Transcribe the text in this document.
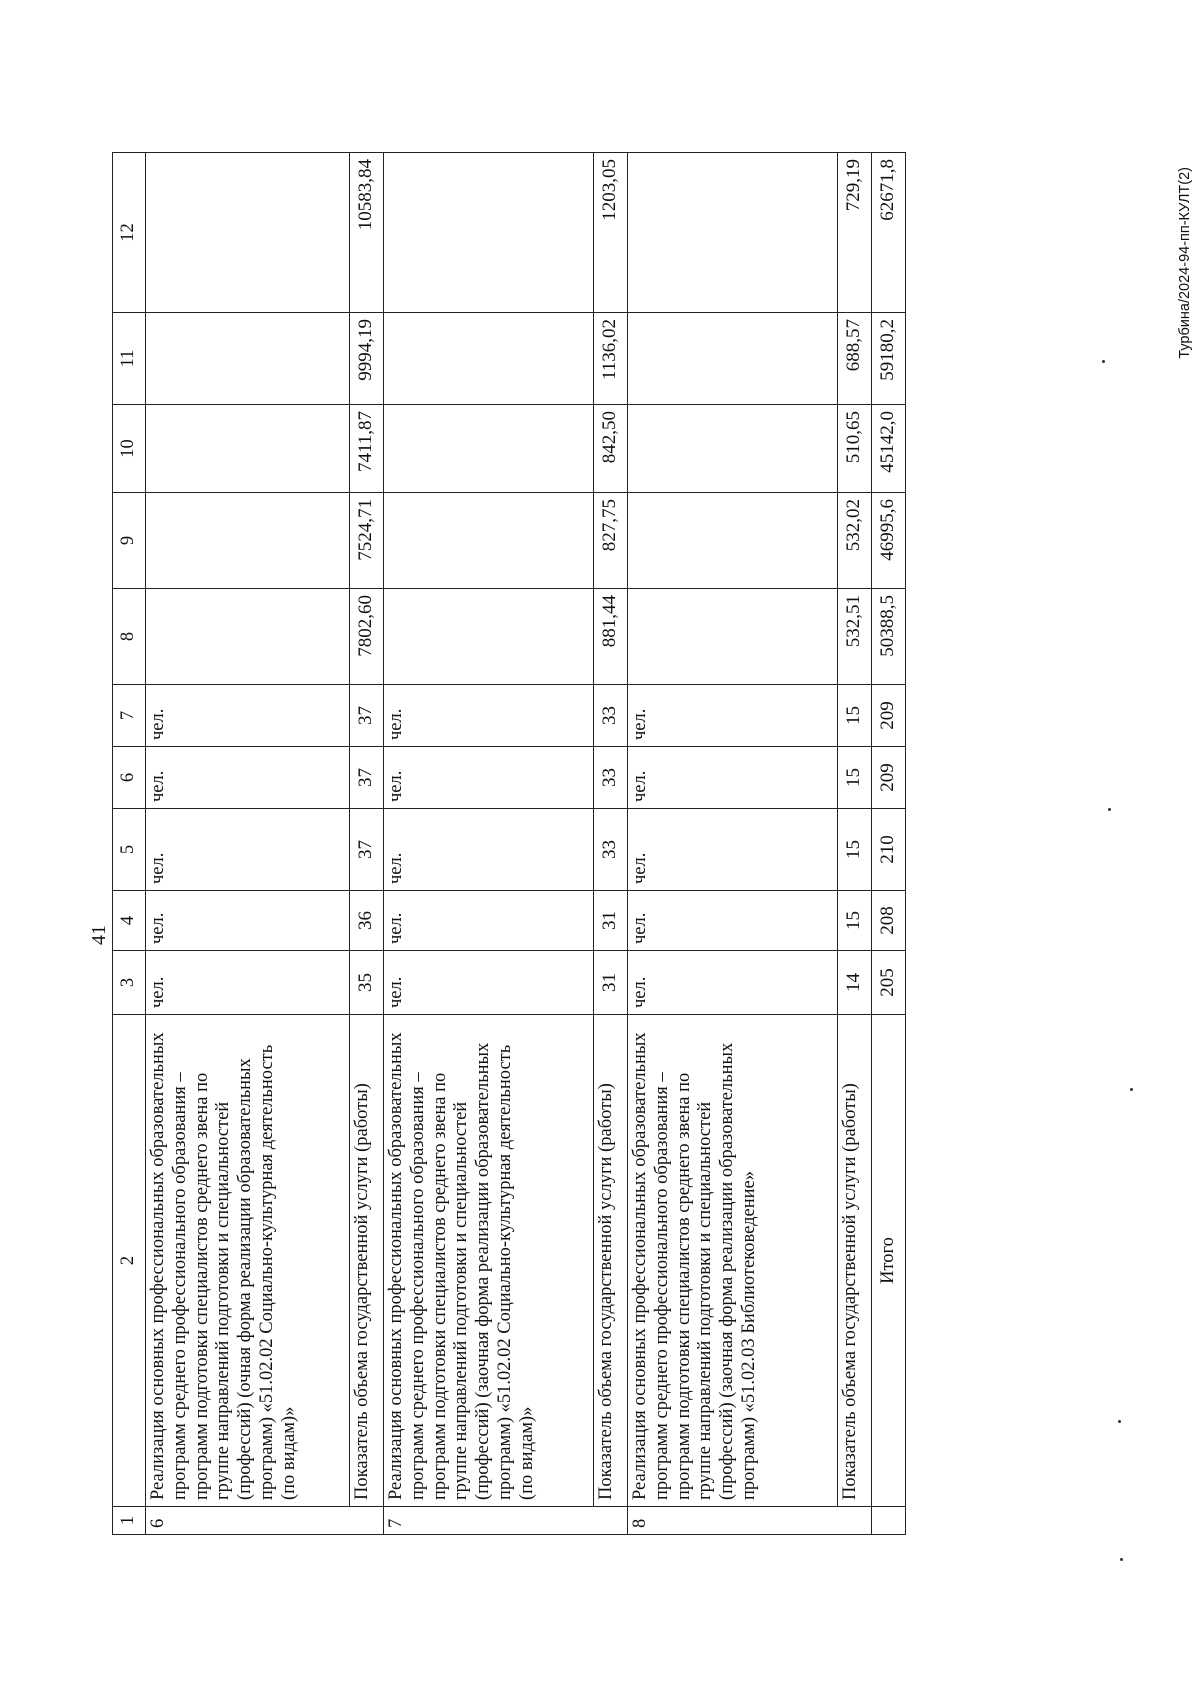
41
1	2	3	4	5	6	7	8	9	10	11	12
6	Реализация основных профессиональных образовательных программ среднего профессионального образования – программ подготовки специалистов среднего звена по группе направлений подготовки и специальностей (профессий) (очная форма реализации образовательных программ) «51.02.02 Социально-культурная деятельность (по видам)»	чел.	чел.	чел.	чел.	чел.					
	Показатель объема государственной услуги (работы)	35	36	37	37	37	7802,60	7524,71	7411,87	9994,19	10583,84
7	Реализация основных профессиональных образовательных программ среднего профессионального образования – программ подготовки специалистов среднего звена по группе направлений подготовки и специальностей (профессий) (заочная форма реализации образовательных программ) «51.02.02 Социально-культурная деятельность (по видам)»	чел.	чел.	чел.	чел.	чел.					
	Показатель объема государственной услуги (работы)	31	31	33	33	33	881,44	827,75	842,50	1136,02	1203,05
8	Реализация основных профессиональных образовательных программ среднего профессионального образования – программ подготовки специалистов среднего звена по группе направлений подготовки и специальностей (профессий) (заочная форма реализации образовательных программ) «51.02.03 Библиотековедение»	чел.	чел.	чел.	чел.	чел.					
	Показатель объема государственной услуги (работы)	14	15	15	15	15	532,51	532,02	510,65	688,57	729,19
	Итого	205	208	210	209	209	50388,5	46995,6	45142,0	59180,2	62671,8	Турбина/2024-94-пп-КУЛТ(2)
